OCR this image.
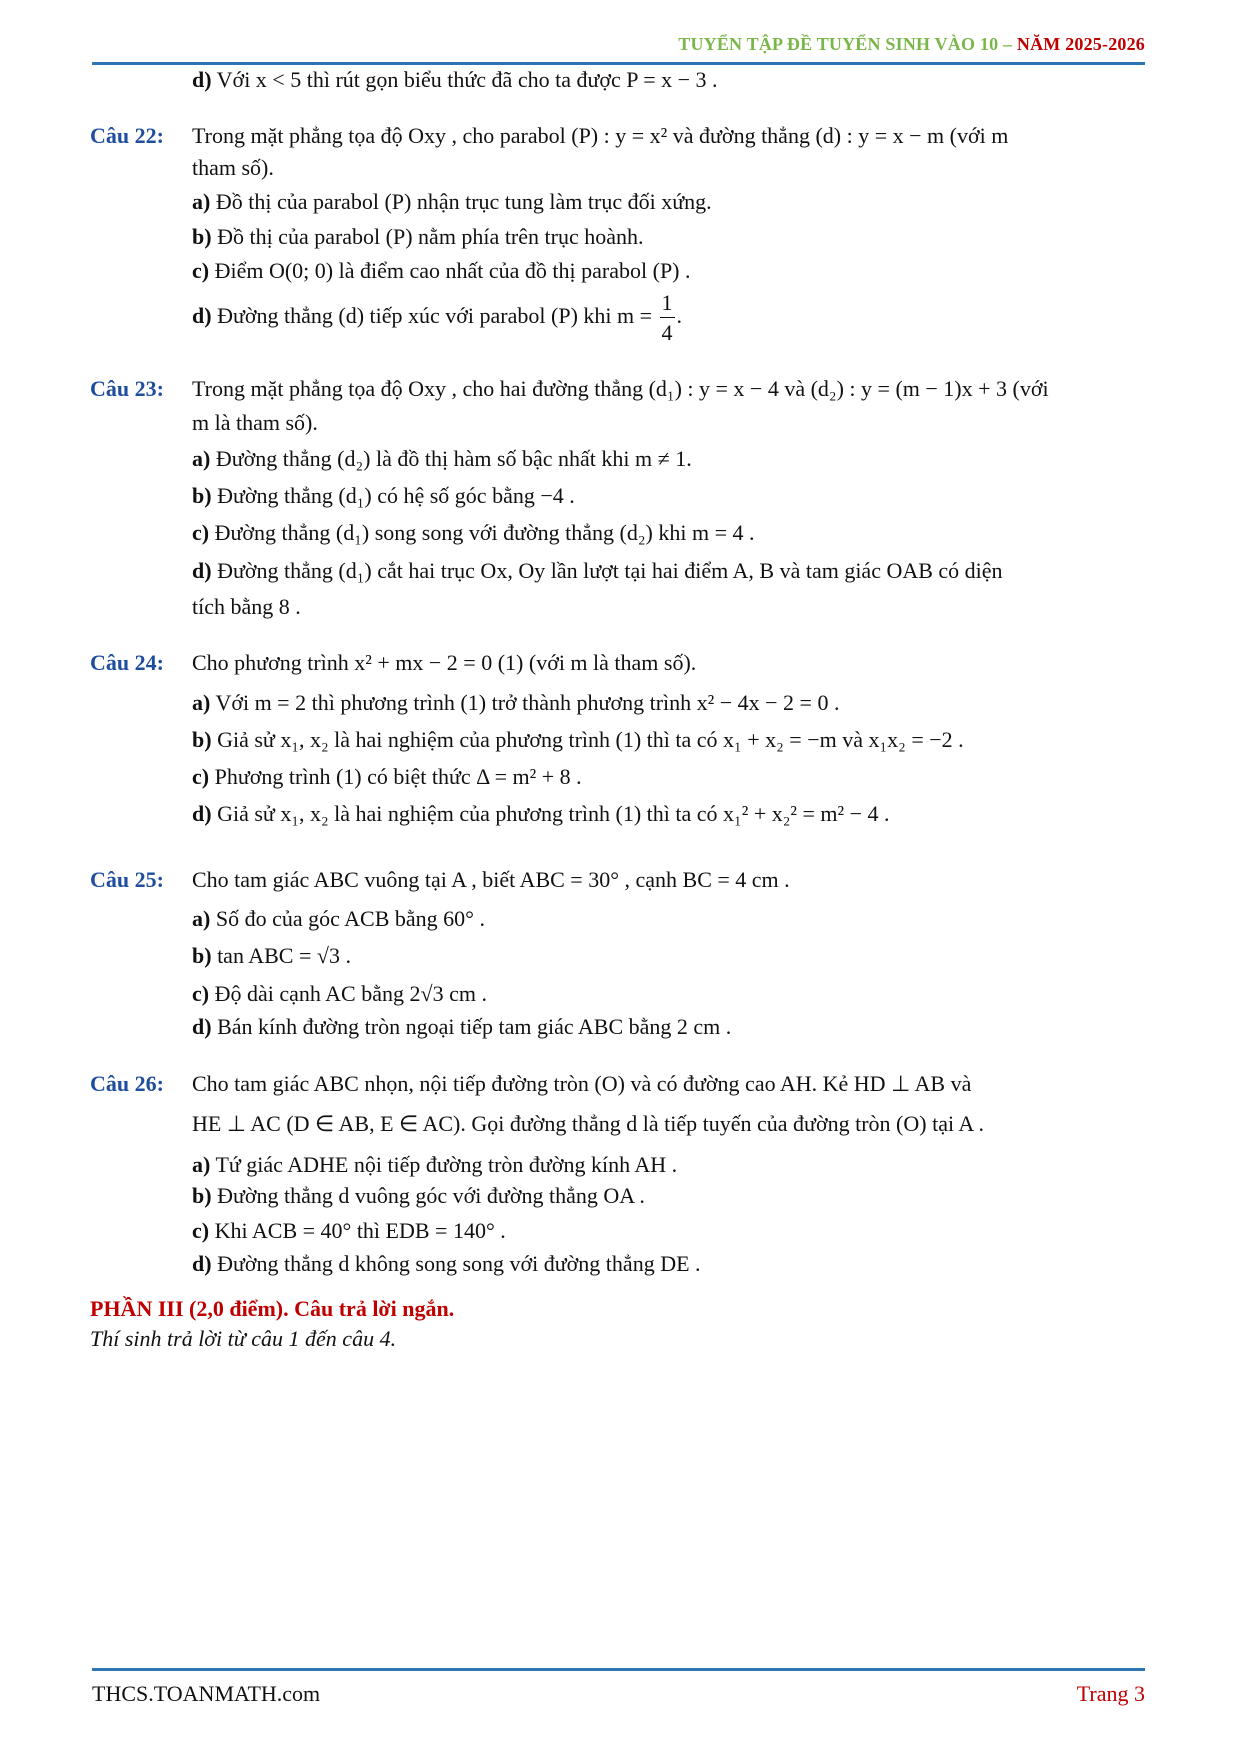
TUYỂN TẬP ĐỀ TUYỂN SINH VÀO 10 – NĂM 2025-2026
d) Với x < 5 thì rút gọn biểu thức đã cho ta được P = x − 3 .
Câu 22: Trong mặt phẳng tọa độ Oxy , cho parabol (P) : y = x² và đường thẳng (d) : y = x − m (với m
tham số).
a) Đồ thị của parabol (P) nhận trục tung làm trục đối xứng.
b) Đồ thị của parabol (P) nằm phía trên trục hoành.
c) Điểm O(0; 0) là điểm cao nhất của đồ thị parabol (P) .
d) Đường thẳng (d) tiếp xúc với parabol (P) khi $m = \frac{1}{4}$ .
Câu 23: Trong mặt phẳng tọa độ Oxy , cho hai đường thẳng (d₁) : y = x − 4 và (d₂) : y = (m − 1)x + 3 (với
m là tham số).
a) Đường thẳng (d₂) là đồ thị hàm số bậc nhất khi m ≠ 1.
b) Đường thẳng (d₁) có hệ số góc bằng −4 .
c) Đường thẳng (d₁) song song với đường thẳng (d₂) khi m = 4 .
d) Đường thẳng (d₁) cắt hai trục Ox, Oy lần lượt tại hai điểm A, B và tam giác OAB có diện
tích bằng 8 .
Câu 24: Cho phương trình x² + mx − 2 = 0 (1) (với m là tham số).
a) Với m = 2 thì phương trình (1) trở thành phương trình x² − 4x − 2 = 0 .
b) Giả sử x₁, x₂ là hai nghiệm của phương trình (1) thì ta có x₁ + x₂ = −m và x₁x₂ = −2 .
c) Phương trình (1) có biệt thức Δ = m² + 8 .
d) Giả sử x₁, x₂ là hai nghiệm của phương trình (1) thì ta có x₁² + x₂² = m² − 4 .
Câu 25: Cho tam giác ABC vuông tại A , biết ABC = 30° , cạnh BC = 4 cm .
a) Số đo của góc ACB bằng 60° .
b) tan ABC = √3 .
c) Độ dài cạnh AC bằng 2√3 cm .
d) Bán kính đường tròn ngoại tiếp tam giác ABC bằng 2 cm .
Câu 26: Cho tam giác ABC nhọn, nội tiếp đường tròn (O) và có đường cao AH. Kẻ HD ⊥ AB và
HE ⊥ AC (D ∈ AB, E ∈ AC). Gọi đường thẳng d là tiếp tuyến của đường tròn (O) tại A .
a) Tứ giác ADHE nội tiếp đường tròn đường kính AH .
b) Đường thẳng d vuông góc với đường thẳng OA .
c) Khi ACB = 40° thì EDB = 140° .
d) Đường thẳng d không song song với đường thẳng DE .
PHẦN III (2,0 điểm). Câu trả lời ngắn.
Thí sinh trả lời từ câu 1 đến câu 4.
THCS.TOANMATH.com	Trang 3
